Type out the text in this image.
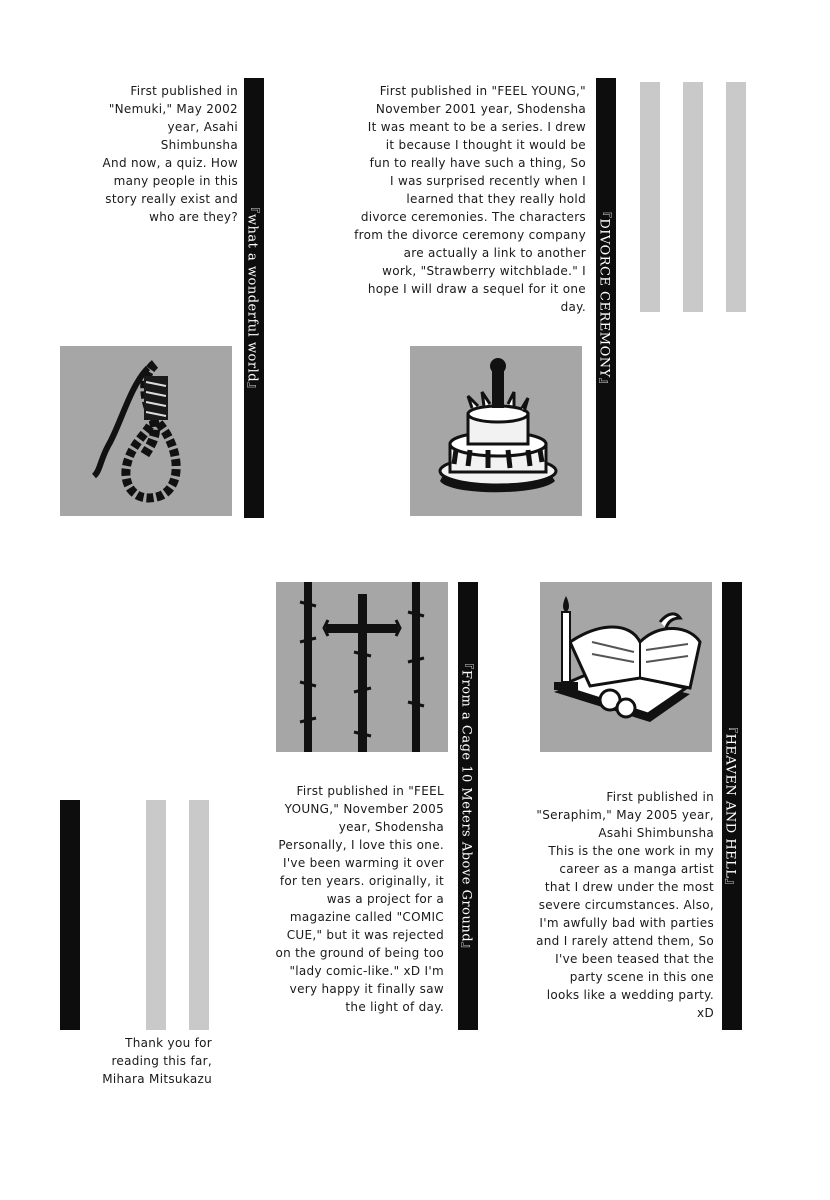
First published in

"Nemuki," May 2002

year, Asahi

Shimbunsha

And now, a quiz. How

many people in this

story really exist and

who are they? 『what a wonderful world』

First published in "FEEL YOUNG,"

November 2001 year, Shodensha

It was meant to be a series. I drew

it because I thought it would be

fun to really have such a thing, So

I was surprised recently when I

learned that they really hold

divorce ceremonies. The characters

from the divorce ceremony company

are actually a link to another

work, "Strawberry witchblade." I

hope I will draw a sequel for it one

day. 『DIVORCE CEREMONY』
『From a Cage 10 Meters Above Ground』

First published in "FEEL

YOUNG," November 2005

year, Shodensha

Personally, I love this one.

I've been warming it over

for ten years. originally, it

was a project for a

magazine called "COMIC

CUE," but it was rejected

on the ground of being too

"lady comic-like." xD I'm

very happy it finally saw

the light of day.

『HEAVEN AND HELL』

First published in

"Seraphim," May 2005 year,

Asahi Shimbunsha

This is the one work in my

career as a manga artist

that I drew under the most

severe circumstances. Also,

I'm awfully bad with parties

and I rarely attend them, So

I've been teased that the

party scene in this one

looks like a wedding party.

xD

Thank you for

reading this far,

Mihara Mitsukazu
